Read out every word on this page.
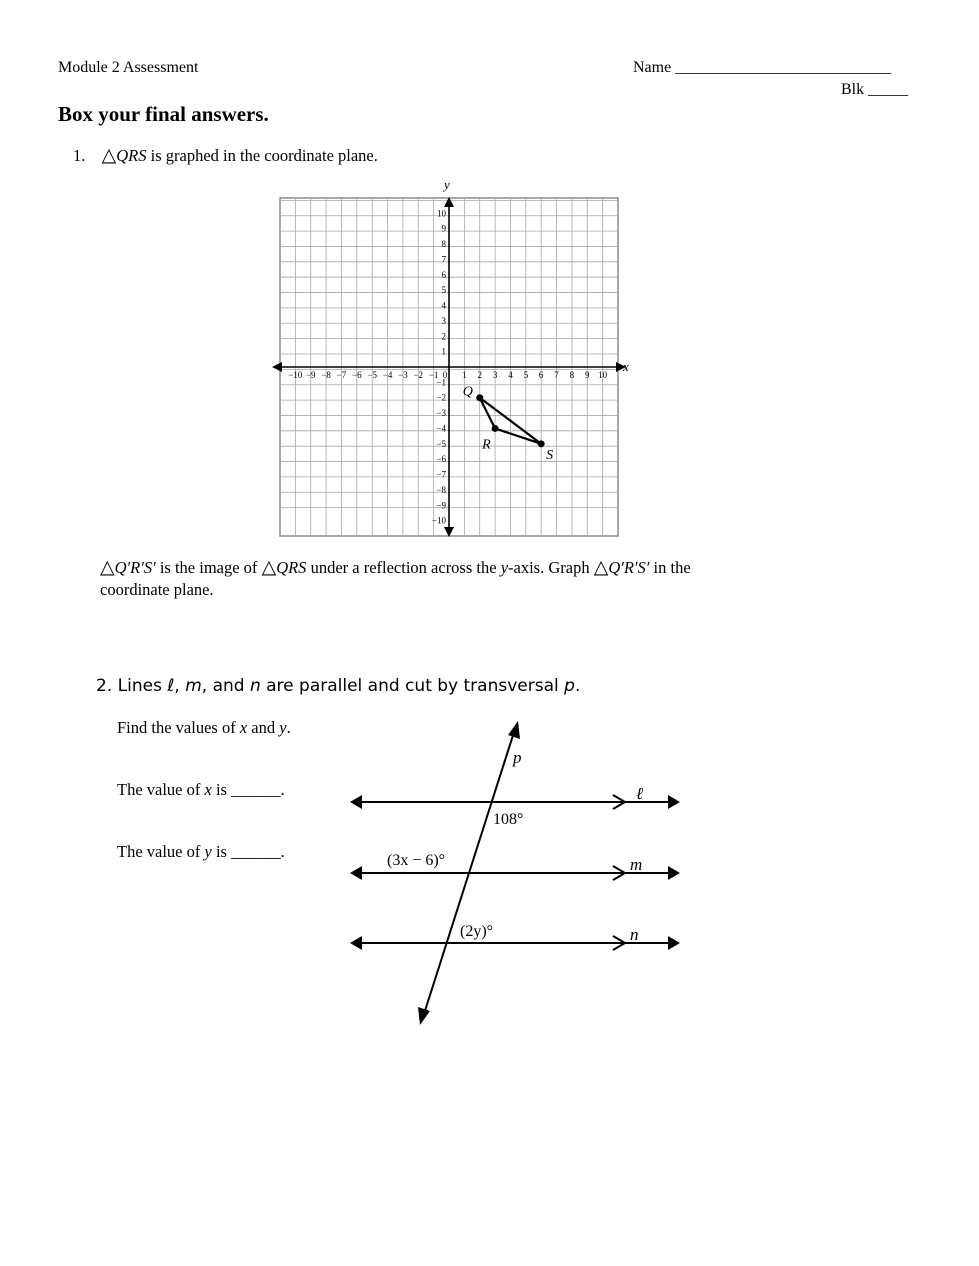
Module 2 Assessment	Name ___________________________
Blk _____
Box your final answers.
1. △QRS is graphed in the coordinate plane.
x
y
−10 −9 −8 −7 −6 −5 −4 −3 −2 −1 0 1 2 3 4 5 6 7 8 9 10
10
9
8
7
6
5
4
3
2
1
−1
−2
−3
−4
−5
−6
−7
−8
−9
−10
Q
R
S
△Q′R′S′ is the image of △QRS under a reflection across the y-axis. Graph △Q′R′S′ in the
coordinate plane.
2. Lines ℓ, m, and n are parallel and cut by transversal p.
Find the values of x and y.
The value of x is ______.
The value of y is ______.
p
ℓ
m
n
108°
(3x − 6)°
(2y)°
